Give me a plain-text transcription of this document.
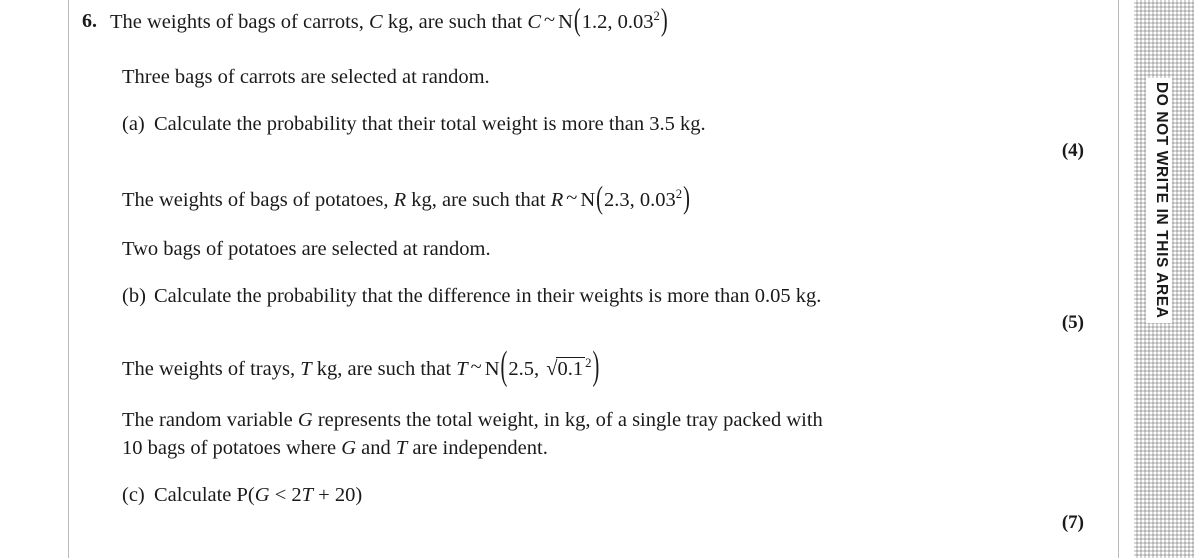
6. The weights of bags of carrots, C kg, are such that C ~ N(1.2, 0.03$^2$)
Three bags of carrots are selected at random.
(a) Calculate the probability that their total weight is more than 3.5 kg.
(4)
The weights of bags of potatoes, R kg, are such that R ~ N(2.3, 0.03$^2$)
Two bags of potatoes are selected at random.
(b) Calculate the probability that the difference in their weights is more than 0.05 kg.
(5)
The weights of trays, T kg, are such that T ~ N(2.5, √0.1 $^2$)
The random variable G represents the total weight, in kg, of a single tray packed with
10 bags of potatoes where G and T are independent.
(c) Calculate P(G < 2T + 20)
(7)
DO NOT WRITE IN THIS AREA
